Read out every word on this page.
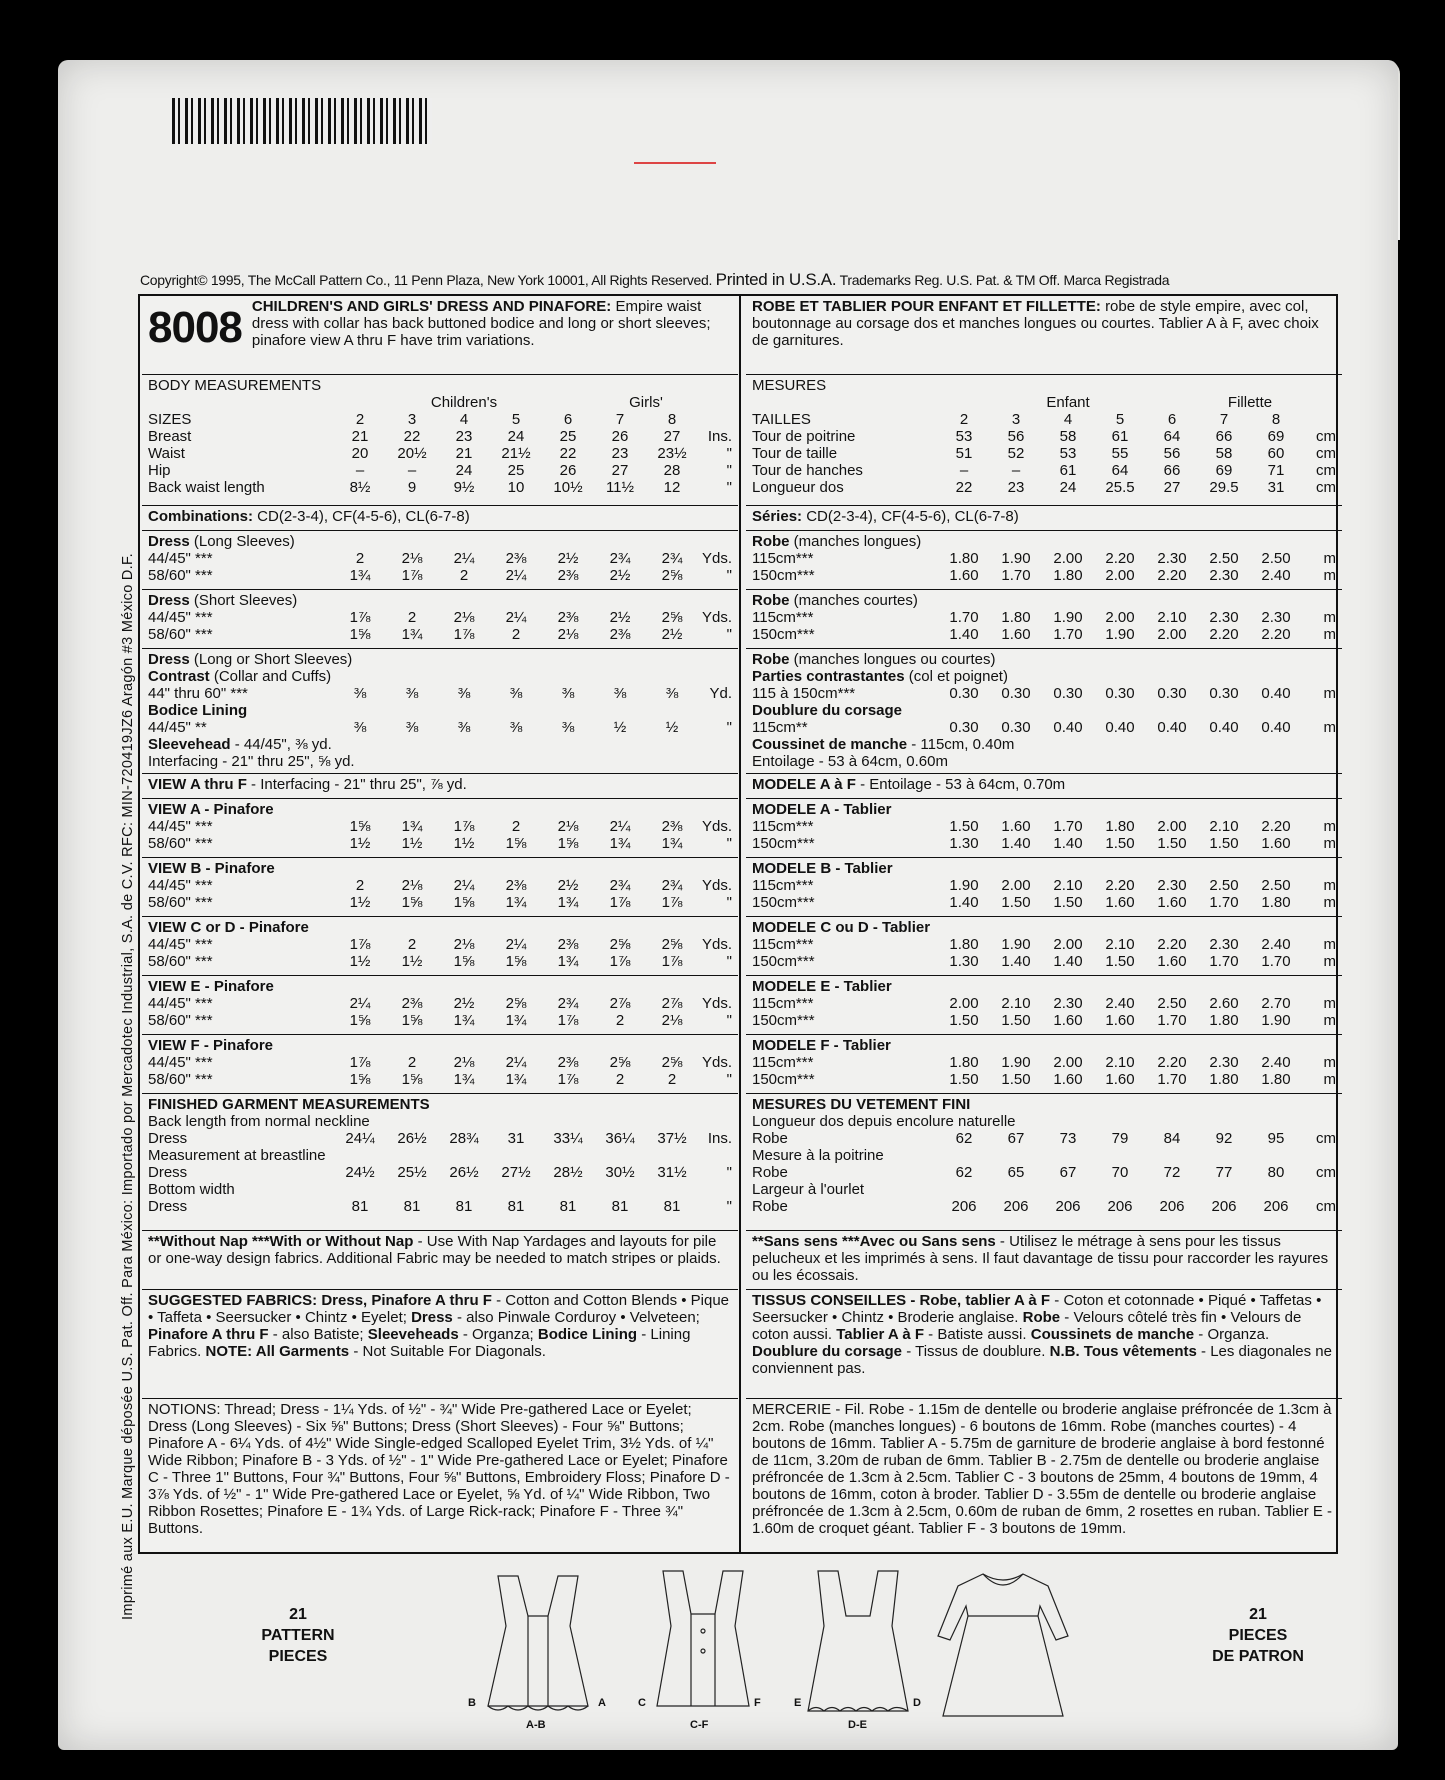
Copyright© 1995, The McCall Pattern Co., 11 Penn Plaza, New York 10001, All Rights Reserved. Printed in U.S.A. Trademarks Reg. U.S. Pat. & TM Off. Marca Registrada
Imprimé aux E.U. Marque déposée U.S. Pat. Off. Para México: Importado por Mercadotec Industrial, S.A. de C.V. RFC: MIN-720419JZ6 Aragón #3 México D.F.
8008 CHILDREN'S AND GIRLS' DRESS AND PINAFORE: Empire waist dress with collar has back buttoned bodice and long or short sleeves; pinafore view A thru F have trim variations.
BODY MEASUREMENTS
	Children's					Girls'		
SIZES	2	3	4	5	6	7	8	
Breast	21	22	23	24	25	26	27	Ins.
Waist	20	20½	21	21½	22	23	23½	"
Hip	–	–	24	25	26	27	28	"
Back waist length	8½	9	9½	10	10½	11½	12	"
Combinations: CD(2-3-4), CF(4-5-6), CL(6-7-8)
Dress (Long Sleeves)
44/45" ***	2	2⅛	2¼	2⅜	2½	2¾	2¾	Yds.
58/60" ***	1¾	1⅞	2	2¼	2⅜	2½	2⅝	"
Dress (Short Sleeves)
44/45" ***	1⅞	2	2⅛	2¼	2⅜	2½	2⅝	Yds.
58/60" ***	1⅝	1¾	1⅞	2	2⅛	2⅜	2½	"
Dress (Long or Short Sleeves)
Contrast (Collar and Cuffs)
44" thru 60" ***	⅜	⅜	⅜	⅜	⅜	⅜	⅜	Yd.
Bodice Lining
44/45" **	⅜	⅜	⅜	⅜	⅜	½	½	"
Sleevehead - 44/45", ⅜ yd.
Interfacing - 21" thru 25", ⅝ yd.
VIEW A thru F - Interfacing - 21" thru 25", ⅞ yd.
VIEW A - Pinafore
44/45" ***	1⅝	1¾	1⅞	2	2⅛	2¼	2⅜	Yds.
58/60" ***	1½	1½	1½	1⅝	1⅝	1¾	1¾	"
VIEW B - Pinafore
44/45" ***	2	2⅛	2¼	2⅜	2½	2¾	2¾	Yds.
58/60" ***	1½	1⅝	1⅝	1¾	1¾	1⅞	1⅞	"
VIEW C or D - Pinafore
44/45" ***	1⅞	2	2⅛	2¼	2⅜	2⅝	2⅝	Yds.
58/60" ***	1½	1½	1⅝	1⅝	1¾	1⅞	1⅞	"
VIEW E - Pinafore
44/45" ***	2¼	2⅜	2½	2⅝	2¾	2⅞	2⅞	Yds.
58/60" ***	1⅝	1⅝	1¾	1¾	1⅞	2	2⅛	"
VIEW F - Pinafore
44/45" ***	1⅞	2	2⅛	2¼	2⅜	2⅝	2⅝	Yds.
58/60" ***	1⅝	1⅝	1¾	1¾	1⅞	2	2	"
FINISHED GARMENT MEASUREMENTS
Back length from normal neckline
Dress	24¼	26½	28¾	31	33¼	36¼	37½	Ins.
Measurement at breastline
Dress	24½	25½	26½	27½	28½	30½	31½	"
Bottom width
Dress	81	81	81	81	81	81	81	"
**Without Nap ***With or Without Nap - Use With Nap Yardages and layouts for pile or one-way design fabrics. Additional Fabric may be needed to match stripes or plaids.
SUGGESTED FABRICS: Dress, Pinafore A thru F - Cotton and Cotton Blends • Pique • Taffeta • Seersucker • Chintz • Eyelet; Dress - also Pinwale Corduroy • Velveteen; Pinafore A thru F - also Batiste; Sleeveheads - Organza; Bodice Lining - Lining Fabrics. NOTE: All Garments - Not Suitable For Diagonals.
NOTIONS: Thread; Dress - 1¼ Yds. of ½" - ¾" Wide Pre-gathered Lace or Eyelet; Dress (Long Sleeves) - Six ⅝" Buttons; Dress (Short Sleeves) - Four ⅝" Buttons; Pinafore A - 6¼ Yds. of 4½" Wide Single-edged Scalloped Eyelet Trim, 3½ Yds. of ¼" Wide Ribbon; Pinafore B - 3 Yds. of ½" - 1" Wide Pre-gathered Lace or Eyelet; Pinafore C - Three 1" Buttons, Four ¾" Buttons, Four ⅝" Buttons, Embroidery Floss; Pinafore D - 3⅞ Yds. of ½" - 1" Wide Pre-gathered Lace or Eyelet, ⅝ Yd. of ¼" Wide Ribbon, Two Ribbon Rosettes; Pinafore E - 1¾ Yds. of Large Rick-rack; Pinafore F - Three ¾" Buttons.
ROBE ET TABLIER POUR ENFANT ET FILLETTE: robe de style empire, avec col, boutonnage au corsage dos et manches longues ou courtes. Tablier A à F, avec choix de garnitures.
MESURES
	Enfant					Fillette		
TAILLES	2	3	4	5	6	7	8	
Tour de poitrine	53	56	58	61	64	66	69	cm
Tour de taille	51	52	53	55	56	58	60	cm
Tour de hanches	–	–	61	64	66	69	71	cm
Longueur dos	22	23	24	25.5	27	29.5	31	cm
Séries: CD(2-3-4), CF(4-5-6), CL(6-7-8)
Robe (manches longues)
115cm***	1.80	1.90	2.00	2.20	2.30	2.50	2.50	m
150cm***	1.60	1.70	1.80	2.00	2.20	2.30	2.40	m
Robe (manches courtes)
115cm***	1.70	1.80	1.90	2.00	2.10	2.30	2.30	m
150cm***	1.40	1.60	1.70	1.90	2.00	2.20	2.20	m
Robe (manches longues ou courtes)
Parties contrastantes (col et poignet)
115 à 150cm***	0.30	0.30	0.30	0.30	0.30	0.30	0.40	m
Doublure du corsage
115cm**	0.30	0.30	0.40	0.40	0.40	0.40	0.40	m
Coussinet de manche - 115cm, 0.40m
Entoilage - 53 à 64cm, 0.60m
MODELE A à F - Entoilage - 53 à 64cm, 0.70m
MODELE A - Tablier
115cm***	1.50	1.60	1.70	1.80	2.00	2.10	2.20	m
150cm***	1.30	1.40	1.40	1.50	1.50	1.50	1.60	m
MODELE B - Tablier
115cm***	1.90	2.00	2.10	2.20	2.30	2.50	2.50	m
150cm***	1.40	1.50	1.50	1.60	1.60	1.70	1.80	m
MODELE C ou D - Tablier
115cm***	1.80	1.90	2.00	2.10	2.20	2.30	2.40	m
150cm***	1.30	1.40	1.40	1.50	1.60	1.70	1.70	m
MODELE E - Tablier
115cm***	2.00	2.10	2.30	2.40	2.50	2.60	2.70	m
150cm***	1.50	1.50	1.60	1.60	1.70	1.80	1.90	m
MODELE F - Tablier
115cm***	1.80	1.90	2.00	2.10	2.20	2.30	2.40	m
150cm***	1.50	1.50	1.60	1.60	1.70	1.80	1.80	m
MESURES DU VETEMENT FINI
Longueur dos depuis encolure naturelle
Robe	62	67	73	79	84	92	95	cm
Mesure à la poitrine
Robe	62	65	67	70	72	77	80	cm
Largeur à l'ourlet
Robe	206	206	206	206	206	206	206	cm
**Sans sens ***Avec ou Sans sens - Utilisez le métrage à sens pour les tissus pelucheux et les imprimés à sens. Il faut davantage de tissu pour raccorder les rayures ou les écossais.
TISSUS CONSEILLES - Robe, tablier A à F - Coton et cotonnade • Piqué • Taffetas • Seersucker • Chintz • Broderie anglaise. Robe - Velours côtelé très fin • Velours de coton aussi. Tablier A à F - Batiste aussi. Coussinets de manche - Organza. Doublure du corsage - Tissus de doublure. N.B. Tous vêtements - Les diagonales ne conviennent pas.
MERCERIE - Fil. Robe - 1.15m de dentelle ou broderie anglaise préfroncée de 1.3cm à 2cm. Robe (manches longues) - 6 boutons de 16mm. Robe (manches courtes) - 4 boutons de 16mm. Tablier A - 5.75m de garniture de broderie anglaise à bord festonné de 11cm, 3.20m de ruban de 6mm. Tablier B - 2.75m de dentelle ou broderie anglaise préfroncée de 1.3cm à 2.5cm. Tablier C - 3 boutons de 25mm, 4 boutons de 19mm, 4 boutons de 16mm, coton à broder. Tablier D - 3.55m de dentelle ou broderie anglaise préfroncée de 1.3cm à 2.5cm, 0.60m de ruban de 6mm, 2 rosettes en ruban. Tablier E - 1.60m de croquet géant. Tablier F - 3 boutons de 19mm.
21
PATTERN
PIECES
21
PIECES
DE PATRON
B	A
A-B
C	F
C-F
E	D
D-E
